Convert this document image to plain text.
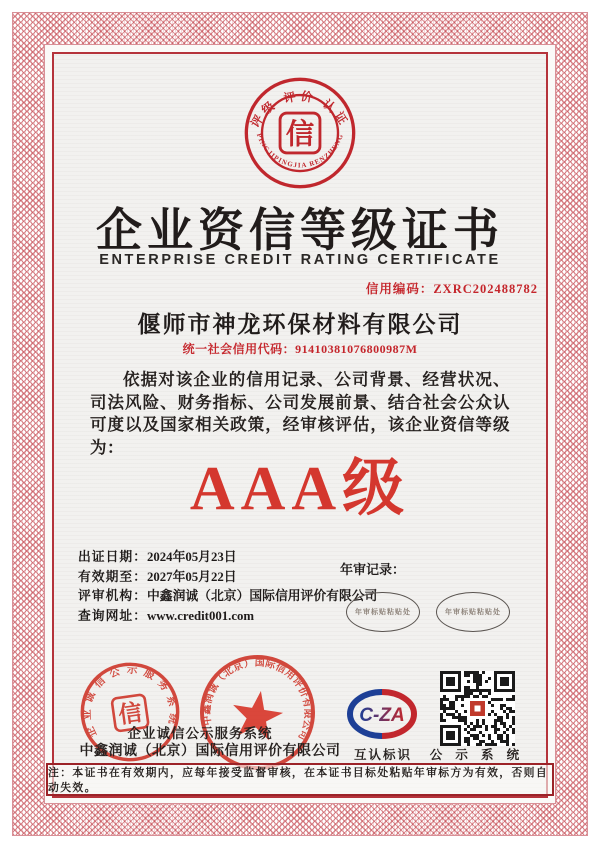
评级 评价 认证
PINGJIPINGJIA RENZHENG
信
企业资信等级证书
ENTERPRISE CREDIT RATING CERTIFICATE
信用编码：ZXRC202488782
偃师市神龙环保材料有限公司
统一社会信用代码：91410381076800987M
依据对该企业的信用记录、公司背景、经营状况、司法风险、财务指标、公司发展前景、结合社会公众认可度以及国家相关政策，经审核评估，该企业资信等级为：
AAA级
出证日期：2024年05月23日
有效期至：2027年05月22日
评审机构：中鑫润诚（北京）国际信用评价有限公司
查询网址：www.credit001.com
年审记录：
年审标贴粘贴处	年审标贴粘贴处
企 业 诚 信 公 示 服 务 系 统
信	中鑫润诚（北京）国际信用评价有限公司
企业诚信公示服务系统
中鑫润诚（北京）国际信用评价有限公司
C-ZA
互认标识	公 示 系 统
注：本证书在有效期内，应每年接受监督审核，在本证书目标处粘贴年审标方为有效，否则自动失效。
